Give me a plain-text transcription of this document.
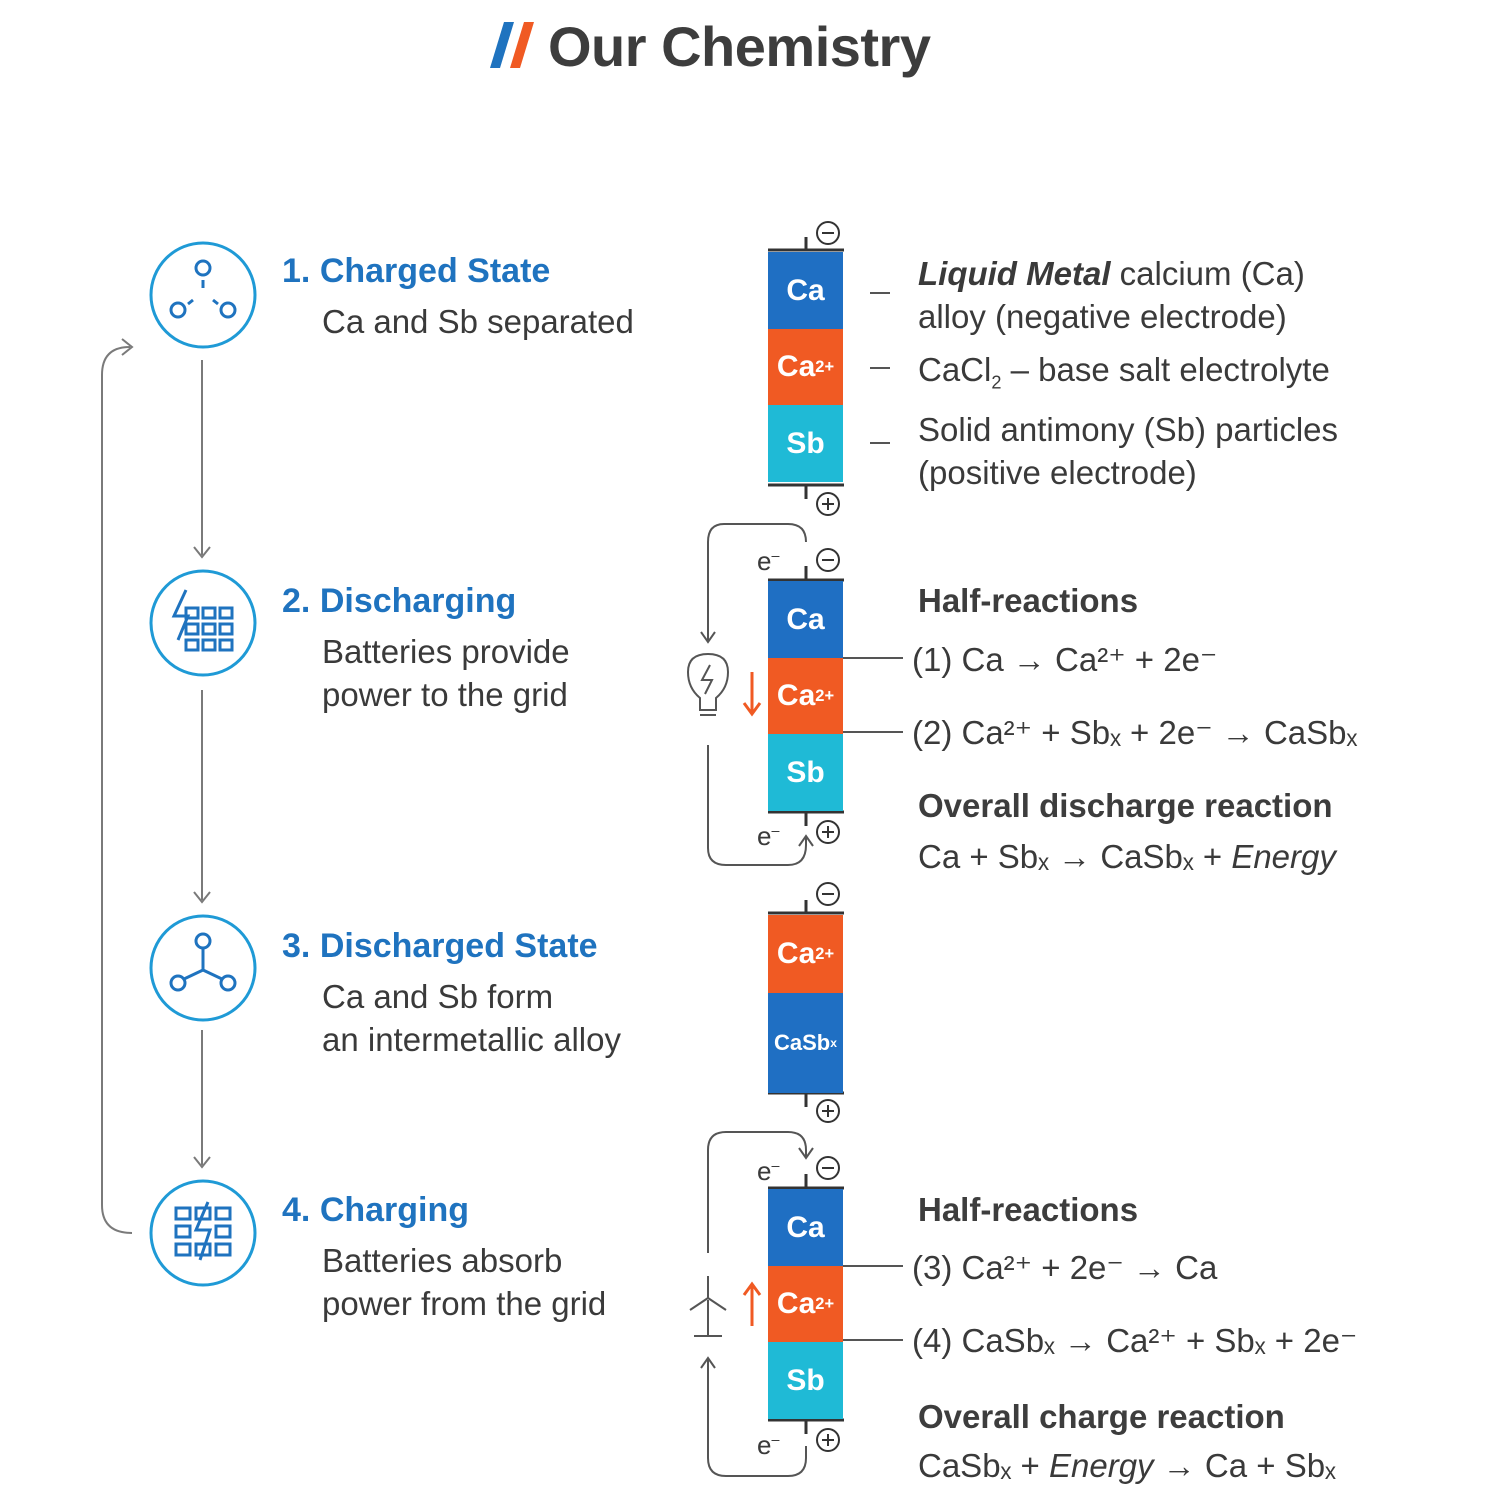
Our Chemistry
1. Charged State
Ca and Sb separated
2. Discharging
Batteries provide
power to the grid
3. Discharged State
Ca and Sb form
an intermetallic alloy
4. Charging
Batteries absorb
power from the grid
Ca
Ca 2+
Sb
Liquid Metal calcium (Ca)
alloy (negative electrode)
CaCl$_2$ – base salt electrolyte
Solid antimony (Sb) particles
(positive electrode)
e–
e–
Ca
Ca 2+
Sb
Half-reactions
(1) Ca → Ca²⁺ + 2e⁻
(2) Ca²⁺ + Sbₓ + 2e⁻ → CaSbₓ
Overall discharge reaction
Ca + Sbₓ → CaSbₓ + Energy
Ca 2+
CaSb x
e–
e–
Ca
Ca 2+
Sb
Half-reactions
(3) Ca²⁺ + 2e⁻ → Ca
(4) CaSbₓ → Ca²⁺ + Sbₓ + 2e⁻
Overall charge reaction
CaSbₓ + Energy → Ca + Sbₓ
